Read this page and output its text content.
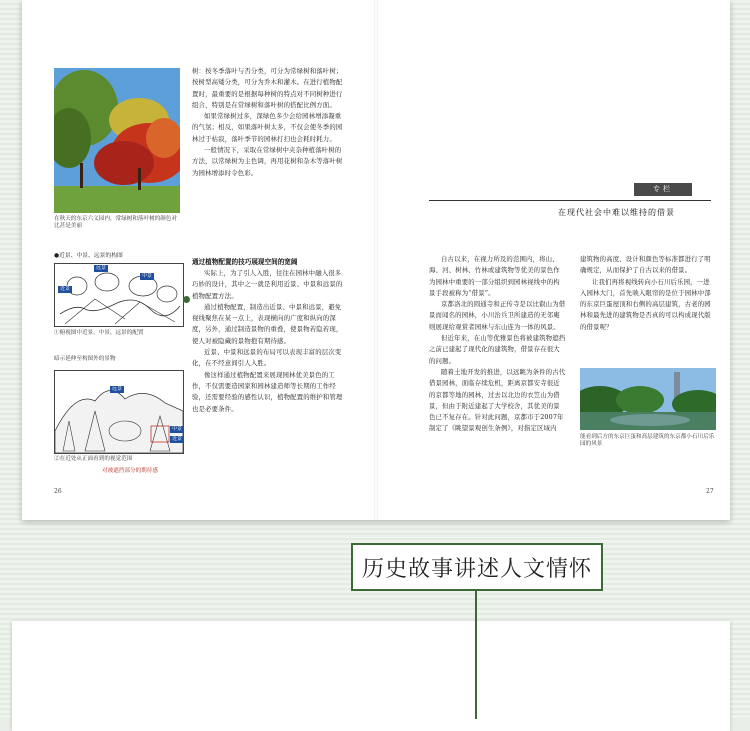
在秋天的东京六义园内，常绿树和落叶树的颜色对比甚是美丽

树：按冬季落叶与否分类，可分为常绿树和落叶树；按树型高矮分类，可分为乔木和灌木。在进行植物配置时，最重要的是根据每种树的特点对不同树种进行组合，特别是在常绿树和落叶树的搭配比例方面。

如果常绿树过多，深绿色多少会给园林增添凝重的气氛；相反，如果落叶树太多，不仅会使冬季的园林过于枯寂，落叶季节的园林打扫也会耗时耗力。

一般情况下，采取在常绿树中夹杂种植落叶树的方法，以常绿树为主色调，再用花树和杂木等落叶树为园林增添时令色彩。

●近景、中景、远景的构图
远景
中景
近景
①俯视图中近景、中景、远景的配置
暗示延伸至构图外的景物
远景
中景
近景
②在近处从正面看到的视觉范围
对被遮挡部分的期待感
通过植物配置的技巧展现空间的宽阔

实际上，为了引人入胜，往往在园林中融入很多巧妙的设计，其中之一就是利用近景、中景和远景的植物配置方法。

通过植物配置，制造出近景、中景和远景，避免视线聚焦在某一点上，表现横向的广度和纵向的深度，另外，通过制造景物的重叠，使景物若隐若现，使人对被隐藏的景物抱有期待感。

近景、中景和远景的布局可以表现丰富的层次变化，在不经意间引人入胜。

像这样通过植物配置来展现园林优美景色的工作，不仅需要造园家和园林建造师等长期的工作经验，还需要经验的感性认识，植物配置的维护和管理也是必要条件。

26
专栏
在现代社会中难以维持的借景

自古以来，在视力所及的范围内，将山、海、河、树林、竹林或建筑物等优美的景色作为园林中重要的一部分组织到园林视线中的构景手段被称为“借景”。

京都洛北的圆通寺和正传寺是以比叡山为借景而闻名的园林，小川治兵卫所建造的无邻庵则展现给观赏者园林与东山连为一体的风景。

但近年来，在山等优雅景色将被建筑物遮挡之前已建起了现代化的建筑物，借景存在很大的问题。

随着土地开发的推进，以远眺为条件的古代借景园林，面临存续危机，距离京都安寺很近的京都等地的园林，过去以北边的衣笠山为借景，但由于附近建起了大学校舍，其优美的景色已不复存在。针对此问题，京都市于2007年制定了《眺望景观创生条例》，对指定区域内

建筑物的高度、设计和颜色等标准都进行了明确规定，从而保护了自古以来的借景。

让我们再将视线转向小石川后乐园，一进入园林大门，首先映入眼帘的是位于园林中部的东京巨蛋屋顶和右侧的高层建筑，古老的园林和最先进的建筑物是否真的可以构成现代版的借景呢？

能看到后方的东京巨蛋和高层建筑的东京都小石川后乐园的风景
27
历史故事讲述人文情怀
